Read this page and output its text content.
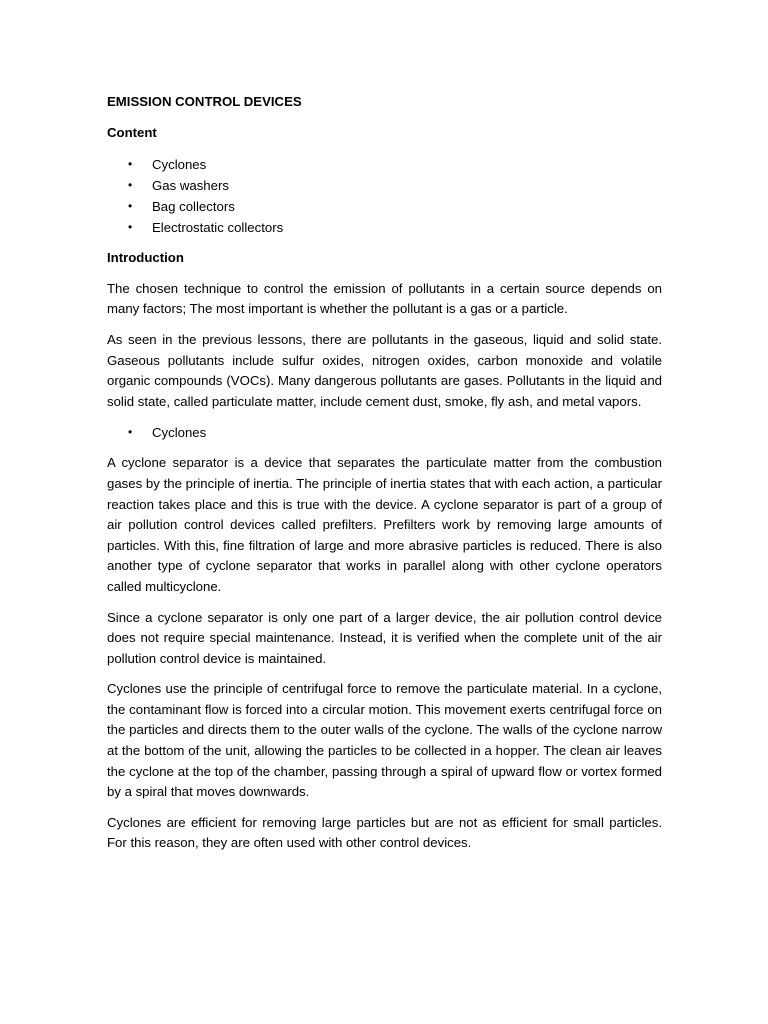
EMISSION CONTROL DEVICES
Content
• Cyclones
• Gas washers
• Bag collectors
• Electrostatic collectors
Introduction

The chosen technique to control the emission of pollutants in a certain source depends on many factors; The most important is whether the pollutant is a gas or a particle.

As seen in the previous lessons, there are pollutants in the gaseous, liquid and solid state. Gaseous pollutants include sulfur oxides, nitrogen oxides, carbon monoxide and volatile organic compounds (VOCs). Many dangerous pollutants are gases. Pollutants in the liquid and solid state, called particulate matter, include cement dust, smoke, fly ash, and metal vapors.

• Cyclones

A cyclone separator is a device that separates the particulate matter from the combustion gases by the principle of inertia. The principle of inertia states that with each action, a particular reaction takes place and this is true with the device. A cyclone separator is part of a group of air pollution control devices called prefilters. Prefilters work by removing large amounts of particles. With this, fine filtration of large and more abrasive particles is reduced. There is also another type of cyclone separator that works in parallel along with other cyclone operators called multicyclone.

Since a cyclone separator is only one part of a larger device, the air pollution control device does not require special maintenance. Instead, it is verified when the complete unit of the air pollution control device is maintained.

Cyclones use the principle of centrifugal force to remove the particulate material. In a cyclone, the contaminant flow is forced into a circular motion. This movement exerts centrifugal force on the particles and directs them to the outer walls of the cyclone. The walls of the cyclone narrow at the bottom of the unit, allowing the particles to be collected in a hopper. The clean air leaves the cyclone at the top of the chamber, passing through a spiral of upward flow or vortex formed by a spiral that moves downwards.

Cyclones are efficient for removing large particles but are not as efficient for small particles. For this reason, they are often used with other control devices.
